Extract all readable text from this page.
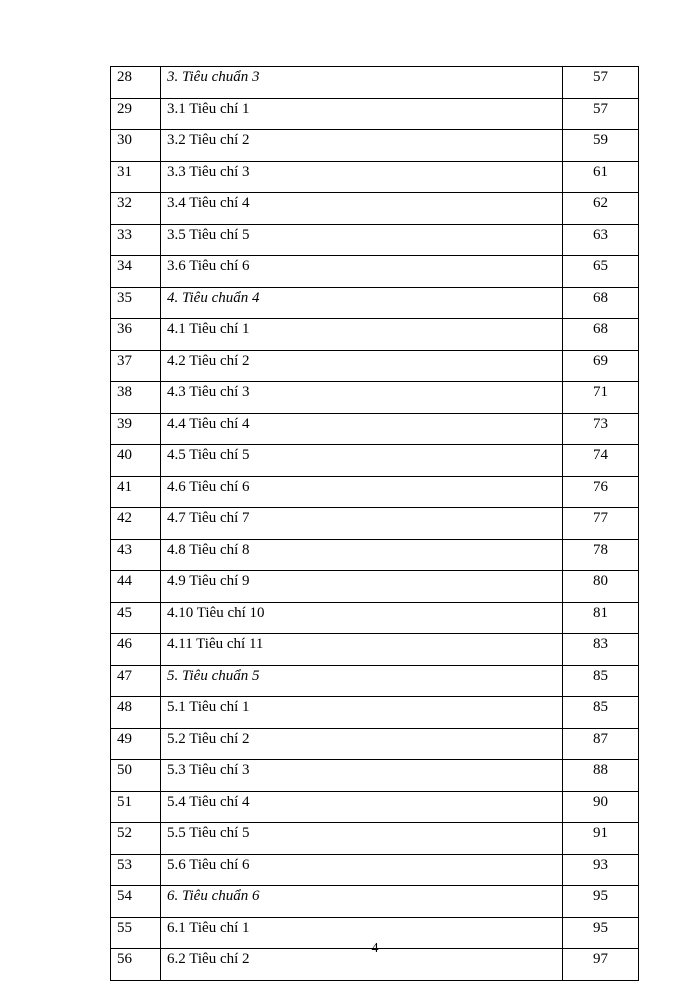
28	3. Tiêu chuẩn 3	57
29	3.1 Tiêu chí 1	57
30	3.2 Tiêu chí 2	59
31	3.3 Tiêu chí 3	61
32	3.4 Tiêu chí 4	62
33	3.5 Tiêu chí 5	63
34	3.6 Tiêu chí 6	65
35	4. Tiêu chuẩn 4	68
36	4.1 Tiêu chí 1	68
37	4.2 Tiêu chí 2	69
38	4.3 Tiêu chí 3	71
39	4.4 Tiêu chí 4	73
40	4.5 Tiêu chí 5	74
41	4.6 Tiêu chí 6	76
42	4.7 Tiêu chí 7	77
43	4.8 Tiêu chí 8	78
44	4.9 Tiêu chí 9	80
45	4.10 Tiêu chí 10	81
46	4.11 Tiêu chí 11	83
47	5. Tiêu chuẩn 5	85
48	5.1 Tiêu chí 1	85
49	5.2 Tiêu chí 2	87
50	5.3 Tiêu chí 3	88
51	5.4 Tiêu chí 4	90
52	5.5 Tiêu chí 5	91
53	5.6 Tiêu chí 6	93
54	6. Tiêu chuẩn 6	95
55	6.1 Tiêu chí 1	95
56	6.2 Tiêu chí 2	97
4
